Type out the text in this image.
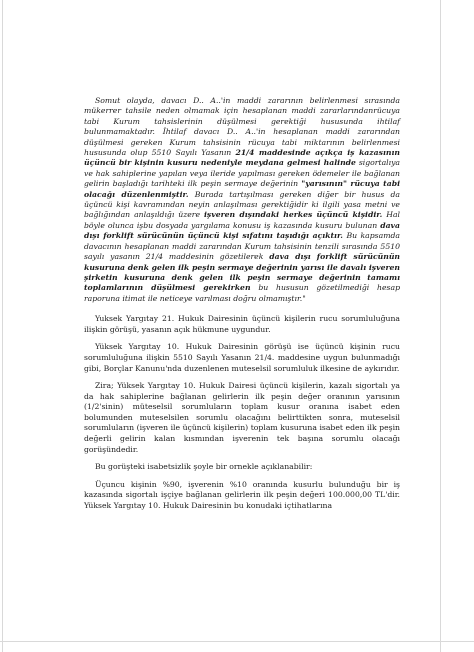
Somut olayda, davacı D.. A..'in maddi zararının belirlenmesi sırasında mükerrer tahsile neden olmamak için hesaplanan maddi zararlarındanrücuya tabi Kurum tahsislerinin düşülmesi gerektiği hususunda ihtilaf bulunmamaktadır. İhtilaf davacı D.. A..'in hesaplanan maddi zararından düşülmesi gereken Kurum tahsisinin rücuya tabi miktarının belirlenmesi hususunda olup 5510 Sayılı Yasanın 21/4 maddesinde açıkça iş kazasının üçüncü bir kişinin kusuru nedeniyle meydana gelmesi halinde sigortalıya ve hak sahiplerine yapılan veya ileride yapılması gereken ödemeler ile bağlanan gelirin başladığı tarihteki ilk peşin sermaye değerinin "yarısının" rücuya tabi olacağı düzenlenmiştir. Burada tartışılması gereken diğer bir husus da üçüncü kişi kavramından neyin anlaşılması gerektiğidir ki ilgili yasa metni ve bağlığından anlaşıldığı üzere işveren dışındaki herkes üçüncü kişidir. Hal böyle olunca işbu dosyada yargılama konusu iş kazasında kusuru bulunan dava dışı forklift sürücünün üçüncü kişi sıfatını taşıdığı açıktır. Bu kapsamda davacının hesaplanan maddi zararından Kurum tahsisinin tenzili sırasında 5510 sayılı yasanın 21/4 maddesinin gözetilerek dava dışı forklift sürücünün kusuruna denk gelen ilk peşin sermaye değerinin yarısı ile davalı işveren şirketin kusuruna denk gelen ilk peşin sermaye değerinin tamamı toplamlarının düşülmesi gerekirken bu hususun gözetilmediği hesap raporuna itimat ile neticeye varılması doğru olmamıştır."

Yuksek Yargıtay 21. Hukuk Dairesinin üçüncü kişilerin rucu sorumluluğuna ilişkin görüşü, yasanın açık hükmune uygundur.

Yüksek Yargıtay 10. Hukuk Dairesinin görüşü ise üçüncü kişinin rucu sorumluluğuna ilişkin 5510 Sayılı Yasanın 21/4. maddesine uygun bulunmadığı gibi, Borçlar Kanunu'nda duzenlenen muteselsil sorumluluk ilkesine de aykırıdır.

Zira; Yüksek Yargıtay 10. Hukuk Dairesi üçüncü kişilerin, kazalı sigortalı ya da hak sahiplerine bağlanan gelirlerin ilk peşin değer oranının yarısının (1/2'sinin) müteselsil sorumluların toplam kusur oranına isabet eden bolumunden muteselsilen sorumlu olacağını belirttikten sonra, muteselsil sorumluların (işveren ile üçüncü kişilerin) toplam kusuruna isabet eden ilk peşin değerli gelirin kalan kısmından işverenin tek başına sorumlu olacağı gorüşündedir.

Bu gorüşteki isabetsizlik şoyle bir ornekle açıklanabilir:

Üçuncu kişinin %90, işverenin %10 oranında kusurlu bulunduğu bir iş kazasında sigortalı işçiye bağlanan gelirlerin ilk peşin değeri 100.000,00 TL'dir. Yüksek Yargıtay 10. Hukuk Dairesinin bu konudaki içtihatlarına
